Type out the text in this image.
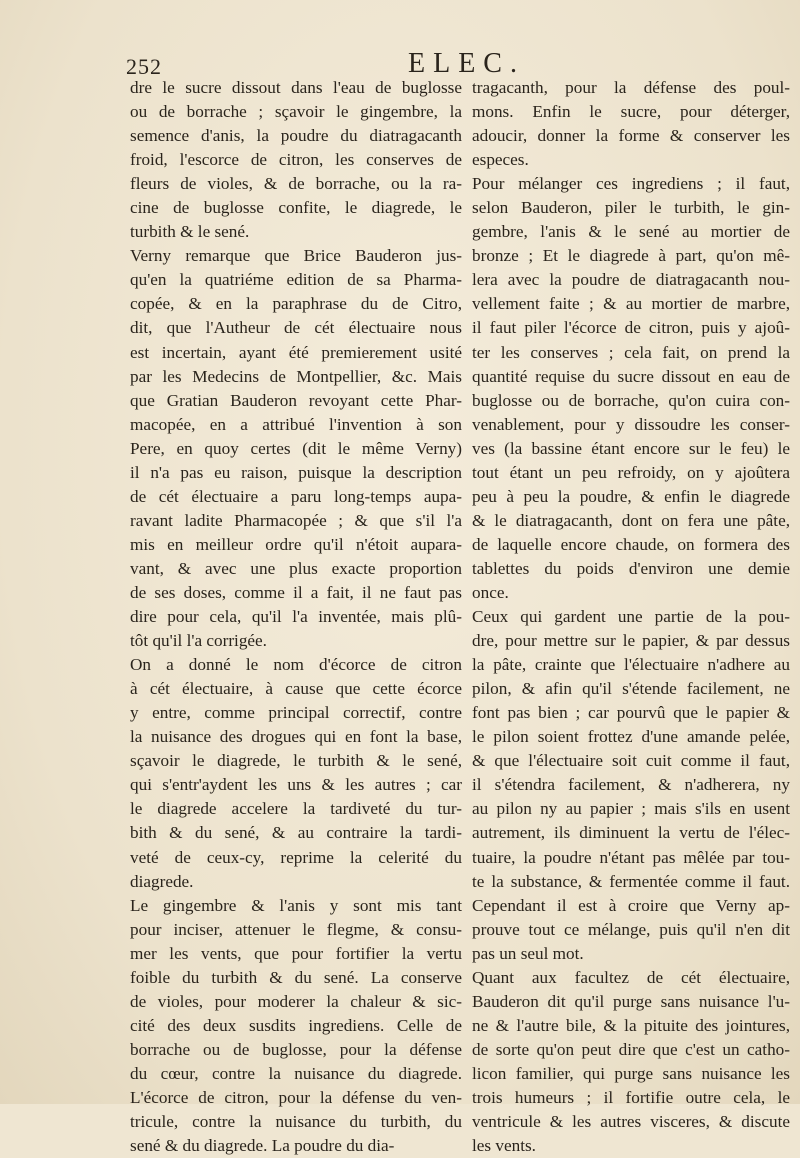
252	ELEC.
dre le sucre dissout dans l'eau de buglosse
ou de borrache ; sçavoir le gingembre, la
semence d'anis, la poudre du diatragacanth
froid, l'escorce de citron, les conserves de
fleurs de violes, & de borrache, ou la ra-
cine de buglosse confite, le diagrede, le
turbith & le sené.
Verny remarque que Brice Bauderon jus-
qu'en la quatriéme edition de sa Pharma-
copée, & en la paraphrase du de Citro,
dit, que l'Autheur de cét électuaire nous
est incertain, ayant été premierement usité
par les Medecins de Montpellier, &c. Mais
que Gratian Bauderon revoyant cette Phar-
macopée, en a attribué l'invention à son
Pere, en quoy certes (dit le même Verny)
il n'a pas eu raison, puisque la description
de cét électuaire a paru long-temps aupa-
ravant ladite Pharmacopée ; & que s'il l'a
mis en meilleur ordre qu'il n'étoit aupara-
vant, & avec une plus exacte proportion
de ses doses, comme il a fait, il ne faut pas
dire pour cela, qu'il l'a inventée, mais plû-
tôt qu'il l'a corrigée.
On a donné le nom d'écorce de citron
à cét électuaire, à cause que cette écorce
y entre, comme principal correctif, contre
la nuisance des drogues qui en font la base,
sçavoir le diagrede, le turbith & le sené,
qui s'entr'aydent les uns & les autres ; car
le diagrede accelere la tardiveté du tur-
bith & du sené, & au contraire la tardi-
veté de ceux-cy, reprime la celerité du
diagrede.
Le gingembre & l'anis y sont mis tant
pour inciser, attenuer le flegme, & consu-
mer les vents, que pour fortifier la vertu
foible du turbith & du sené. La conserve
de violes, pour moderer la chaleur & sic-
cité des deux susdits ingrediens. Celle de
borrache ou de buglosse, pour la défense
du cœur, contre la nuisance du diagrede.
L'écorce de citron, pour la défense du ven-
tricule, contre la nuisance du turbith, du
sené & du diagrede. La poudre du dia-
tragacanth, pour la défense des poul-
mons. Enfin le sucre, pour déterger,
adoucir, donner la forme & conserver les
especes.
Pour mélanger ces ingrediens ; il faut,
selon Bauderon, piler le turbith, le gin-
gembre, l'anis & le sené au mortier de
bronze ; Et le diagrede à part, qu'on mê-
lera avec la poudre de diatragacanth nou-
vellement faite ; & au mortier de marbre,
il faut piler l'écorce de citron, puis y ajoû-
ter les conserves ; cela fait, on prend la
quantité requise du sucre dissout en eau de
buglosse ou de borrache, qu'on cuira con-
venablement, pour y dissoudre les conser-
ves (la bassine étant encore sur le feu) le
tout étant un peu refroidy, on y ajoûtera
peu à peu la poudre, & enfin le diagrede
& le diatragacanth, dont on fera une pâte,
de laquelle encore chaude, on formera des
tablettes du poids d'environ une demie
once.
Ceux qui gardent une partie de la pou-
dre, pour mettre sur le papier, & par dessus
la pâte, crainte que l'électuaire n'adhere au
pilon, & afin qu'il s'étende facilement, ne
font pas bien ; car pourvû que le papier &
le pilon soient frottez d'une amande pelée,
& que l'électuaire soit cuit comme il faut,
il s'étendra facilement, & n'adherera, ny
au pilon ny au papier ; mais s'ils en usent
autrement, ils diminuent la vertu de l'élec-
tuaire, la poudre n'étant pas mêlée par tou-
te la substance, & fermentée comme il faut.
Cependant il est à croire que Verny ap-
prouve tout ce mélange, puis qu'il n'en dit
pas un seul mot.
Quant aux facultez de cét électuaire,
Bauderon dit qu'il purge sans nuisance l'u-
ne & l'autre bile, & la pituite des jointures,
de sorte qu'on peut dire que c'est un catho-
licon familier, qui purge sans nuisance les
trois humeurs ; il fortifie outre cela, le
ventricule & les autres visceres, & discute
les vents.
